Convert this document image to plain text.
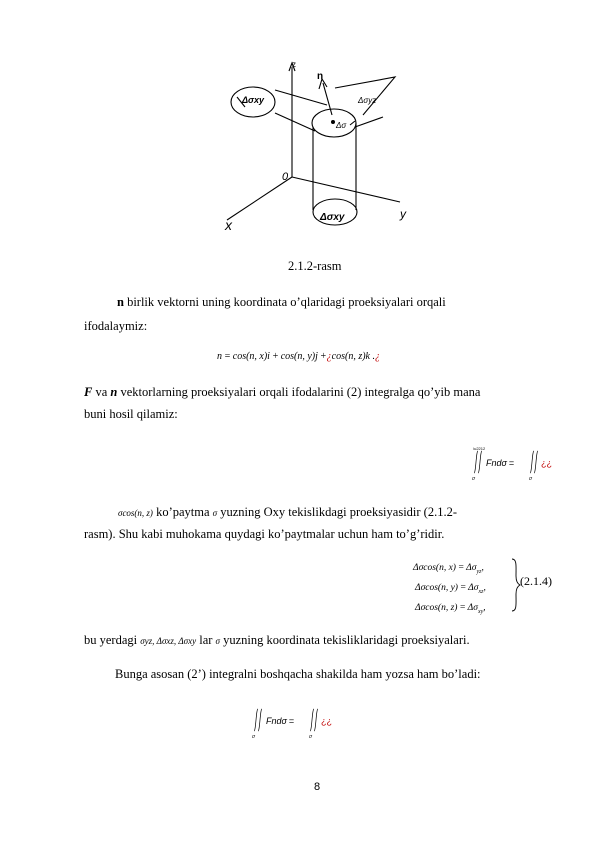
z
n
Δσxy	Δσyz
Δσ
0
x
y
Δσxy
2.1.2-rasm
n birlik vektorni uning koordinata o’qlaridagi proeksiyalari orqali
ifodalaymiz:
n = cos(n, x)i + cos(n, y)j +¿cos(n, z)k .¿
F va n vektorlarning proeksiyalari orqali ifodalarini (2) integralga qo’yib mana
buni hosil qilamiz:
\u2212
σ
Fndσ =
σ
¿¿
σcos(n, z) ko’paytma σ yuzning Oxy tekislikdagi proeksiyasidir (2.1.2-
rasm). Shu kabi muhokama quydagi ko’paytmalar uchun ham to’g’ridir.
Δσcos(n, $x) = \Delta\sigma_{yz}$,
Δσcos(n, $y) = \Delta\sigma_{xz}$,
Δσcos(n, $z) = \Delta\sigma_{xy}$,
(2.1.4)
bu yerdagi σyz, Δσxz, Δσxy lar σ yuzning koordinata tekisliklaridagi proeksiyalari.
Bunga asosan (2’) integralni boshqacha shakilda ham yozsa ham bo’ladi:
σ
Fndσ =
σ
¿¿
8
